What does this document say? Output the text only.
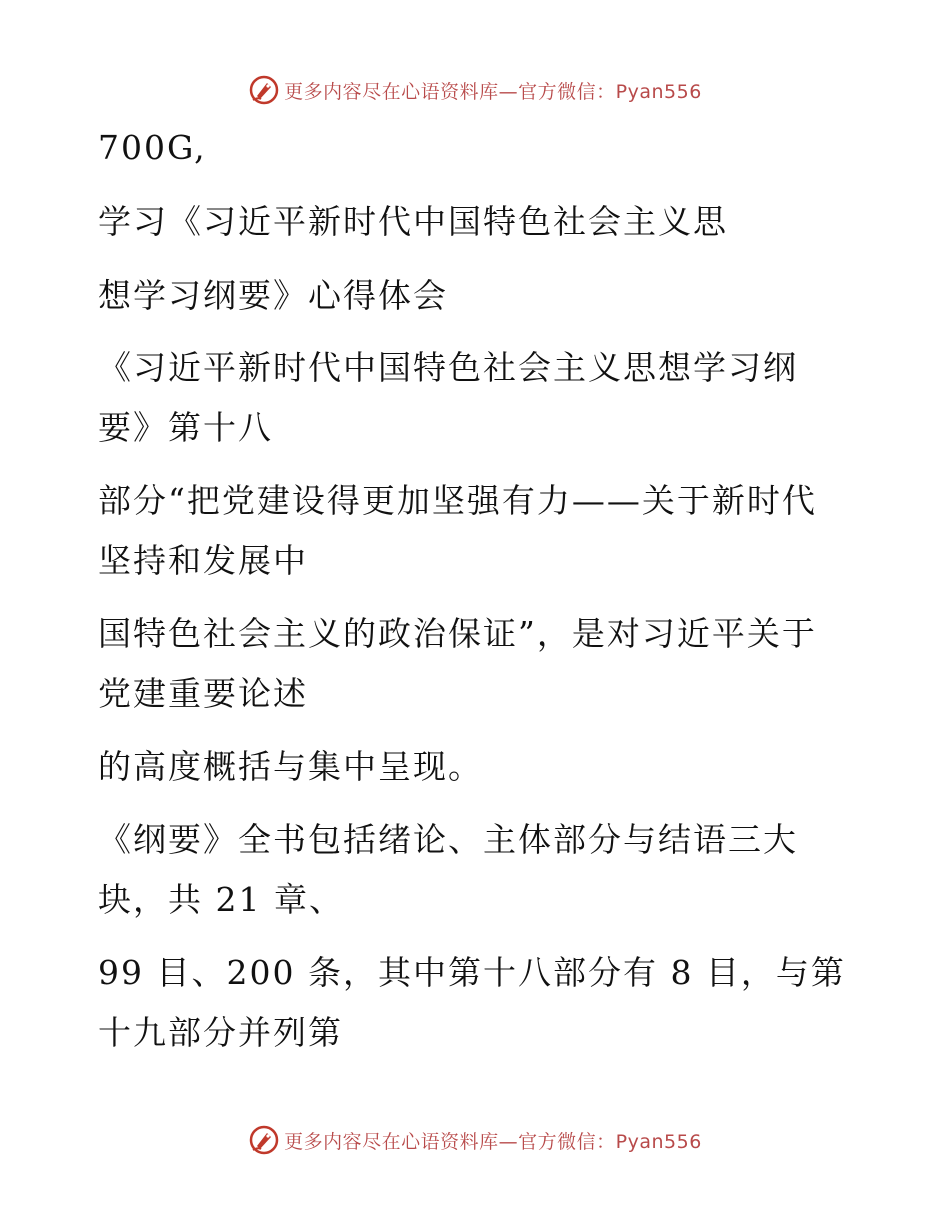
更多内容尽在心语资料库—官方微信：Pyan556
700G,
学习《习近平新时代中国特色社会主义思
想学习纲要》心得体会
《习近平新时代中国特色社会主义思想学习纲
要》第十八
部分“把党建设得更加坚强有力——关于新时代
坚持和发展中
国特色社会主义的政治保证”，是对习近平关于
党建重要论述
的高度概括与集中呈现。
《纲要》全书包括绪论、主体部分与结语三大
块，共 21 章、
99 目、200 条，其中第十八部分有 8 目，与第
十九部分并列第
更多内容尽在心语资料库—官方微信：Pyan556
